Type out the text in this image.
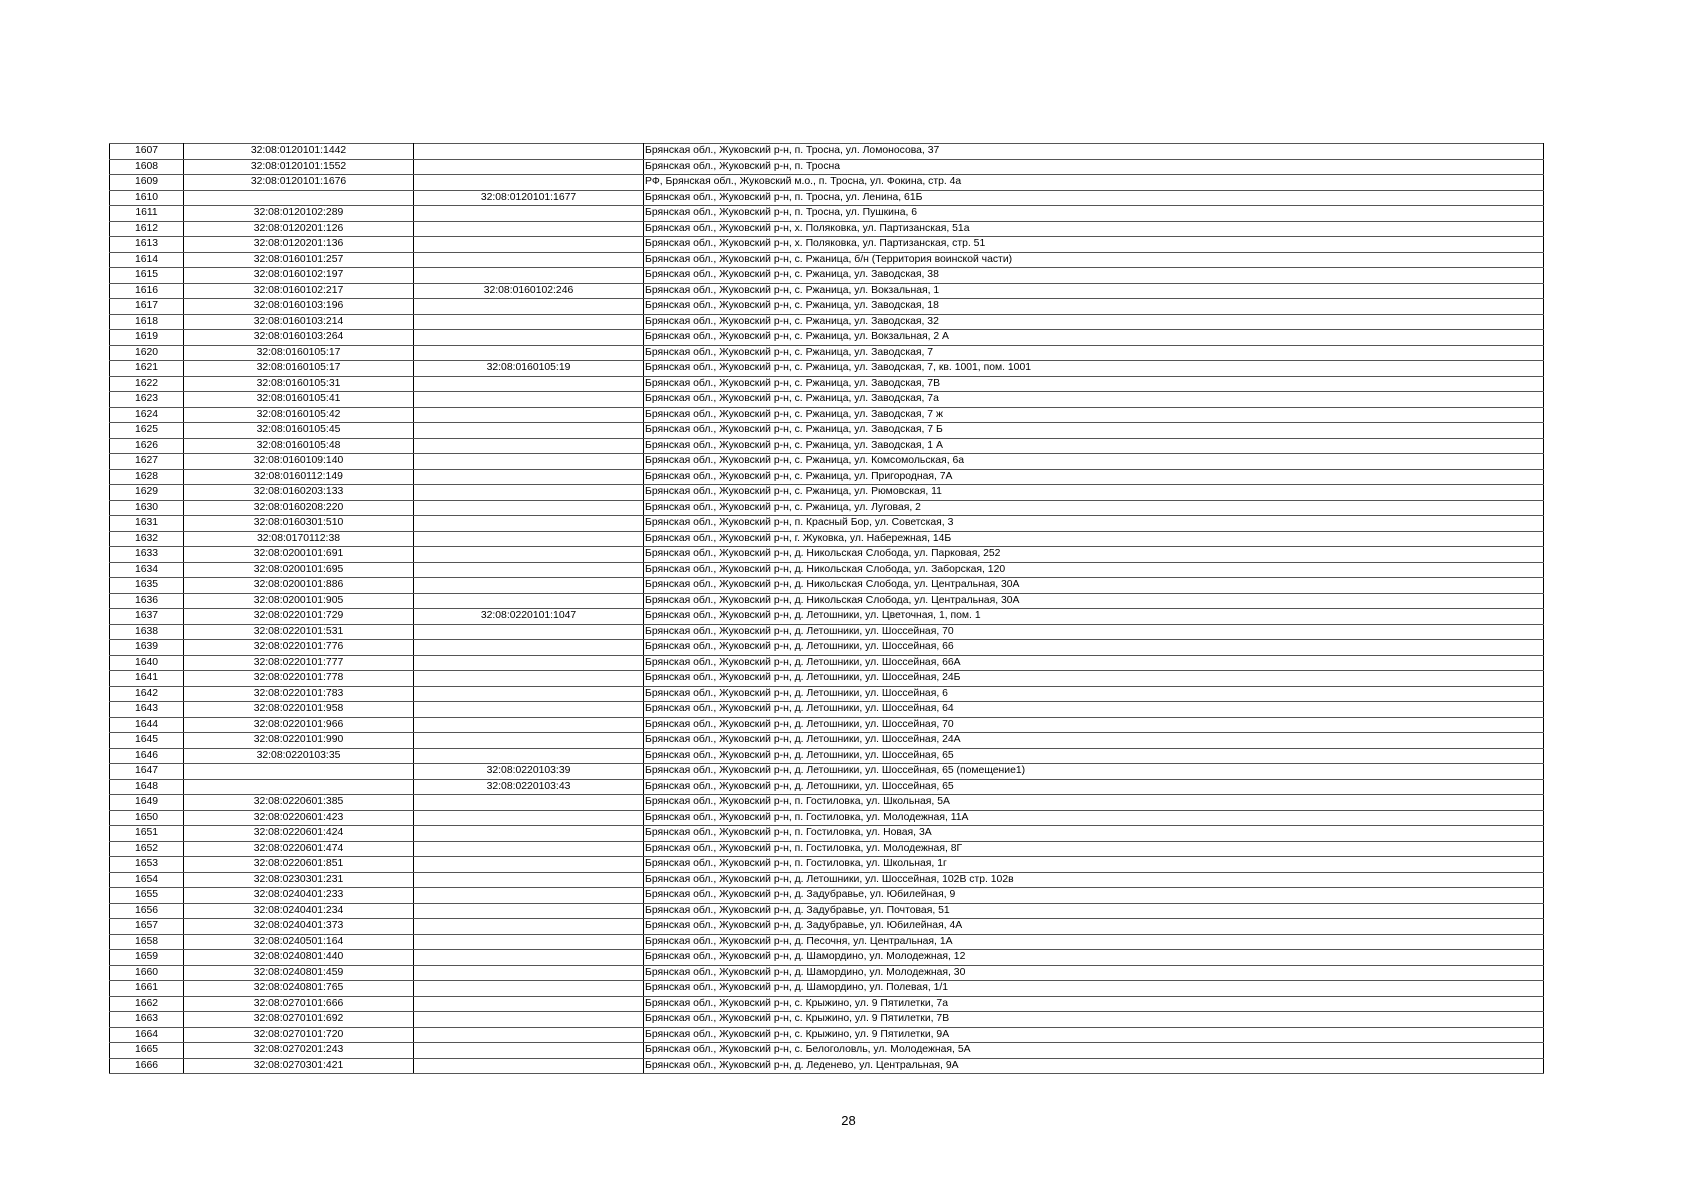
1607	32:08:0120101:1442		Брянская обл., Жуковский р-н, п. Тросна, ул. Ломоносова, 37
1608	32:08:0120101:1552		Брянская обл., Жуковский р-н, п. Тросна
1609	32:08:0120101:1676		РФ, Брянская обл., Жуковский м.о., п. Тросна, ул. Фокина, стр. 4а
1610		32:08:0120101:1677	Брянская обл., Жуковский р-н, п. Тросна, ул. Ленина, 61Б
1611	32:08:0120102:289		Брянская обл., Жуковский р-н, п. Тросна, ул. Пушкина, 6
1612	32:08:0120201:126		Брянская обл., Жуковский р-н, х. Поляковка, ул. Партизанская, 51а
1613	32:08:0120201:136		Брянская обл., Жуковский р-н, х. Поляковка, ул. Партизанская, стр. 51
1614	32:08:0160101:257		Брянская обл., Жуковский р-н, с. Ржаница, б/н (Территория воинской части)
1615	32:08:0160102:197		Брянская обл., Жуковский р-н, с. Ржаница, ул. Заводская, 38
1616	32:08:0160102:217	32:08:0160102:246	Брянская обл., Жуковский р-н, с. Ржаница, ул. Вокзальная, 1
1617	32:08:0160103:196		Брянская обл., Жуковский р-н, с. Ржаница, ул. Заводская, 18
1618	32:08:0160103:214		Брянская обл., Жуковский р-н, с. Ржаница, ул. Заводская, 32
1619	32:08:0160103:264		Брянская обл., Жуковский р-н, с. Ржаница, ул. Вокзальная, 2 А
1620	32:08:0160105:17		Брянская обл., Жуковский р-н, с. Ржаница, ул. Заводская, 7
1621	32:08:0160105:17	32:08:0160105:19	Брянская обл., Жуковский р-н, с. Ржаница, ул. Заводская, 7, кв. 1001, пом. 1001
1622	32:08:0160105:31		Брянская обл., Жуковский р-н, с. Ржаница, ул. Заводская, 7В
1623	32:08:0160105:41		Брянская обл., Жуковский р-н, с. Ржаница, ул. Заводская, 7а
1624	32:08:0160105:42		Брянская обл., Жуковский р-н, с. Ржаница, ул. Заводская, 7 ж
1625	32:08:0160105:45		Брянская обл., Жуковский р-н, с. Ржаница, ул. Заводская, 7 Б
1626	32:08:0160105:48		Брянская обл., Жуковский р-н, с. Ржаница, ул. Заводская, 1 А
1627	32:08:0160109:140		Брянская обл., Жуковский р-н, с. Ржаница, ул. Комсомольская, 6а
1628	32:08:0160112:149		Брянская обл., Жуковский р-н, с. Ржаница, ул. Пригородная, 7А
1629	32:08:0160203:133		Брянская обл., Жуковский р-н, с. Ржаница, ул. Рюмовская, 11
1630	32:08:0160208:220		Брянская обл., Жуковский р-н, с. Ржаница, ул. Луговая, 2
1631	32:08:0160301:510		Брянская обл., Жуковский р-н, п. Красный Бор, ул. Советская, 3
1632	32:08:0170112:38		Брянская обл., Жуковский р-н, г. Жуковка, ул. Набережная, 14Б
1633	32:08:0200101:691		Брянская обл., Жуковский р-н, д. Никольская Слобода, ул. Парковая, 252
1634	32:08:0200101:695		Брянская обл., Жуковский р-н, д. Никольская Слобода, ул. Заборская, 120
1635	32:08:0200101:886		Брянская обл., Жуковский р-н, д. Никольская Слобода, ул. Центральная, 30А
1636	32:08:0200101:905		Брянская обл., Жуковский р-н, д. Никольская Слобода, ул. Центральная, 30А
1637	32:08:0220101:729	32:08:0220101:1047	Брянская обл., Жуковский р-н, д. Летошники, ул. Цветочная, 1, пом. 1
1638	32:08:0220101:531		Брянская обл., Жуковский р-н, д. Летошники, ул. Шоссейная, 70
1639	32:08:0220101:776		Брянская обл., Жуковский р-н, д. Летошники, ул. Шоссейная, 66
1640	32:08:0220101:777		Брянская обл., Жуковский р-н, д. Летошники, ул. Шоссейная, 66А
1641	32:08:0220101:778		Брянская обл., Жуковский р-н, д. Летошники, ул. Шоссейная, 24Б
1642	32:08:0220101:783		Брянская обл., Жуковский р-н, д. Летошники, ул. Шоссейная, 6
1643	32:08:0220101:958		Брянская обл., Жуковский р-н, д. Летошники, ул. Шоссейная, 64
1644	32:08:0220101:966		Брянская обл., Жуковский р-н, д. Летошники, ул. Шоссейная, 70
1645	32:08:0220101:990		Брянская обл., Жуковский р-н, д. Летошники, ул. Шоссейная, 24А
1646	32:08:0220103:35		Брянская обл., Жуковский р-н, д. Летошники, ул. Шоссейная, 65
1647		32:08:0220103:39	Брянская обл., Жуковский р-н, д. Летошники, ул. Шоссейная, 65 (помещение1)
1648		32:08:0220103:43	Брянская обл., Жуковский р-н, д. Летошники, ул. Шоссейная, 65
1649	32:08:0220601:385		Брянская обл., Жуковский р-н, п. Гостиловка, ул. Школьная, 5А
1650	32:08:0220601:423		Брянская обл., Жуковский р-н, п. Гостиловка, ул. Молодежная, 11А
1651	32:08:0220601:424		Брянская обл., Жуковский р-н, п. Гостиловка, ул. Новая, 3А
1652	32:08:0220601:474		Брянская обл., Жуковский р-н, п. Гостиловка, ул. Молодежная, 8Г
1653	32:08:0220601:851		Брянская обл., Жуковский р-н, п. Гостиловка, ул. Школьная, 1г
1654	32:08:0230301:231		Брянская обл., Жуковский р-н, д. Летошники, ул. Шоссейная, 102В стр. 102в
1655	32:08:0240401:233		Брянская обл., Жуковский р-н, д. Задубравье, ул. Юбилейная, 9
1656	32:08:0240401:234		Брянская обл., Жуковский р-н, д. Задубравье, ул. Почтовая, 51
1657	32:08:0240401:373		Брянская обл., Жуковский р-н, д. Задубравье, ул. Юбилейная, 4А
1658	32:08:0240501:164		Брянская обл., Жуковский р-н, д. Песочня, ул. Центральная, 1А
1659	32:08:0240801:440		Брянская обл., Жуковский р-н, д. Шамордино, ул. Молодежная, 12
1660	32:08:0240801:459		Брянская обл., Жуковский р-н, д. Шамордино, ул. Молодежная, 30
1661	32:08:0240801:765		Брянская обл., Жуковский р-н, д. Шамордино, ул. Полевая, 1/1
1662	32:08:0270101:666		Брянская обл., Жуковский р-н, с. Крыжино, ул. 9 Пятилетки, 7а
1663	32:08:0270101:692		Брянская обл., Жуковский р-н, с. Крыжино, ул. 9 Пятилетки, 7В
1664	32:08:0270101:720		Брянская обл., Жуковский р-н, с. Крыжино, ул. 9 Пятилетки, 9А
1665	32:08:0270201:243		Брянская обл., Жуковский р-н, с. Белоголовль, ул. Молодежная, 5А
1666	32:08:0270301:421		Брянская обл., Жуковский р-н, д. Леденево, ул. Центральная, 9А
28
